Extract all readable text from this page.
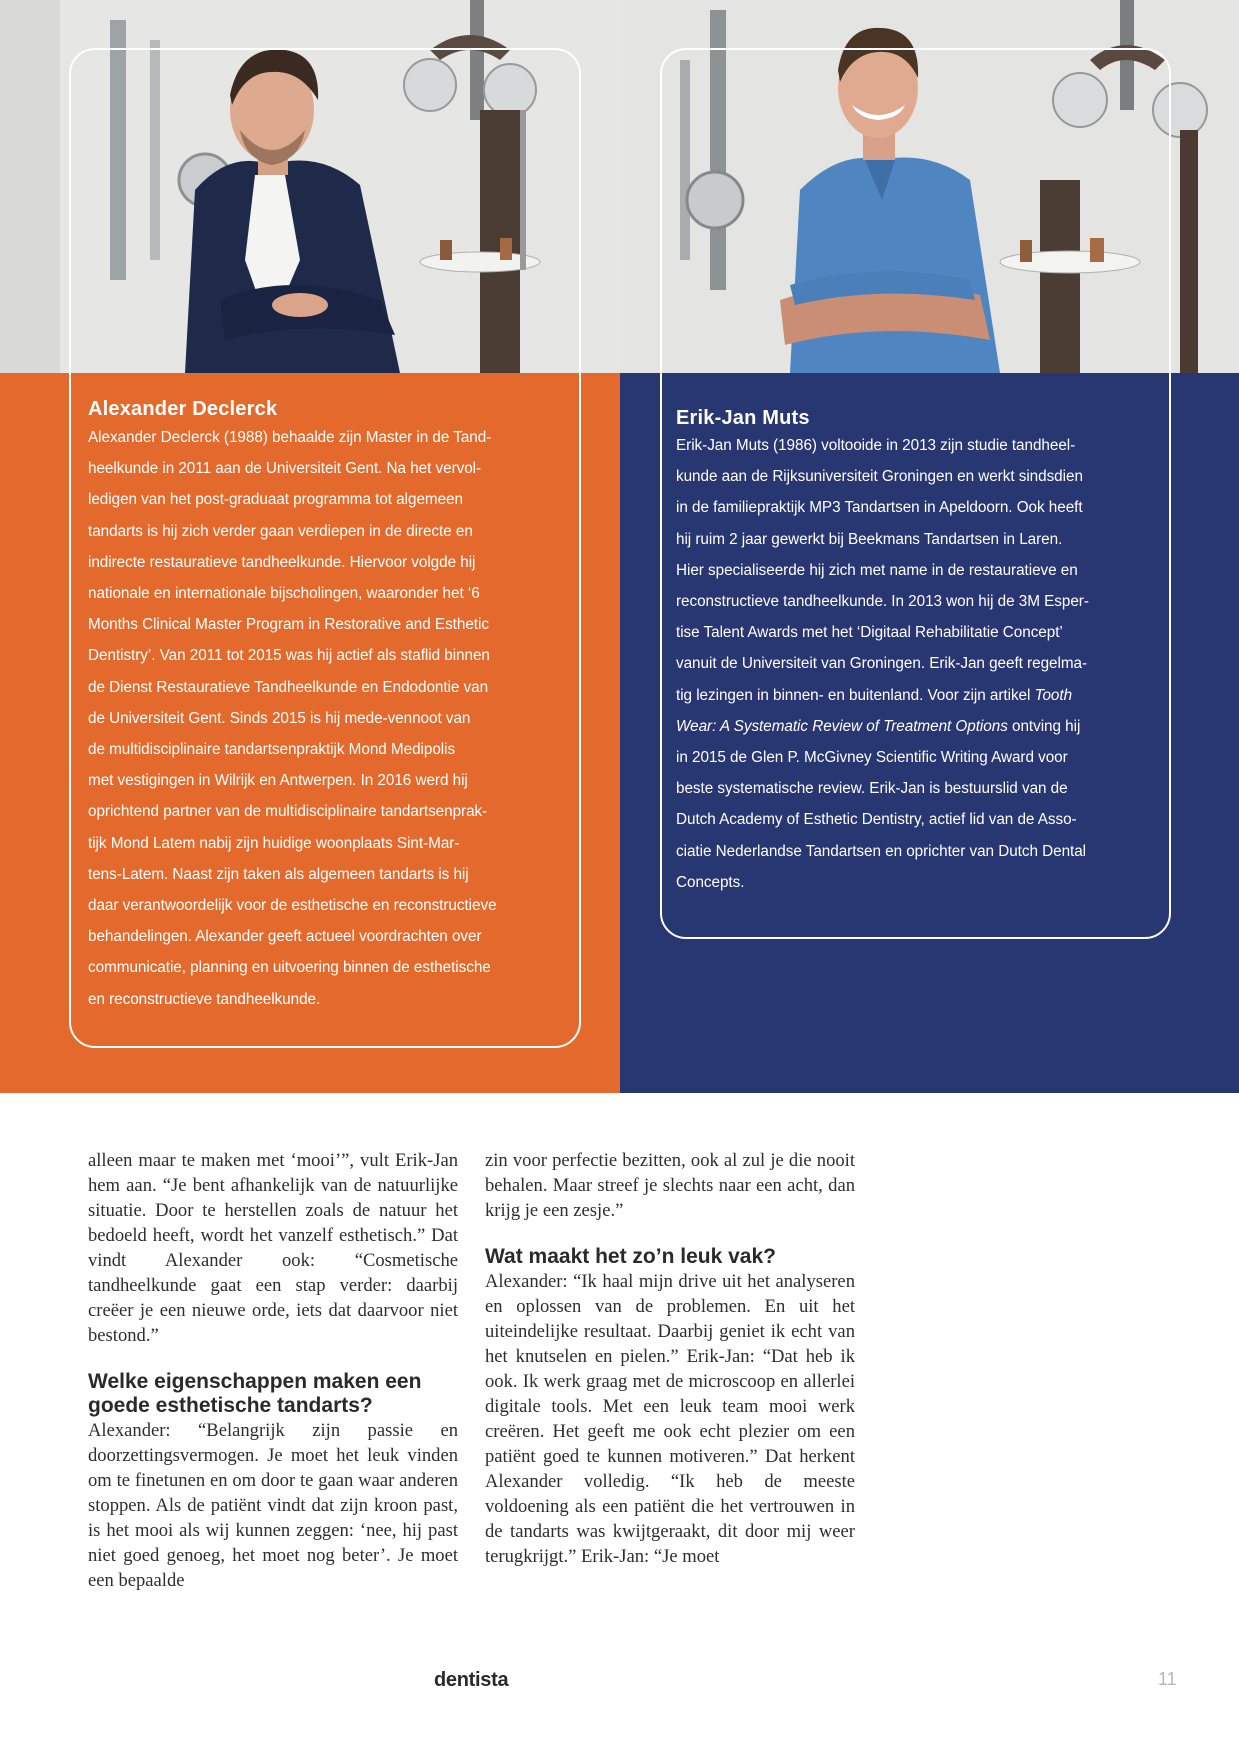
Alexander Declerck

Alexander Declerck (1988) behaalde zijn Master in de Tand-
heelkunde in 2011 aan de Universiteit Gent. Na het vervol-
ledigen van het post-graduaat programma tot algemeen
tandarts is hij zich verder gaan verdiepen in de directe en
indirecte restauratieve tandheelkunde. Hiervoor volgde hij
nationale en internationale bijscholingen, waaronder het ‘6
Months Clinical Master Program in Restorative and Esthetic
Dentistry’. Van 2011 tot 2015 was hij actief als staflid binnen
de Dienst Restauratieve Tandheelkunde en Endodontie van
de Universiteit Gent. Sinds 2015 is hij mede-vennoot van
de multidisciplinaire tandartsenpraktijk Mond Medipolis
met vestigingen in Wilrijk en Antwerpen. In 2016 werd hij
oprichtend partner van de multidisciplinaire tandartsenprak-
tijk Mond Latem nabij zijn huidige woonplaats Sint-Mar-
tens-Latem. Naast zijn taken als algemeen tandarts is hij
daar verantwoordelijk voor de esthetische en reconstructieve
behandelingen. Alexander geeft actueel voordrachten over
communicatie, planning en uitvoering binnen de esthetische
en reconstructieve tandheelkunde.

Erik-Jan Muts

Erik-Jan Muts (1986) voltooide in 2013 zijn studie tandheel-
kunde aan de Rijksuniversiteit Groningen en werkt sindsdien
in de familiepraktijk MP3 Tandartsen in Apeldoorn. Ook heeft
hij ruim 2 jaar gewerkt bij Beekmans Tandartsen in Laren.
Hier specialiseerde hij zich met name in de restauratieve en
reconstructieve tandheelkunde. In 2013 won hij de 3M Esper-
tise Talent Awards met het ‘Digitaal Rehabilitatie Concept’
vanuit de Universiteit van Groningen. Erik-Jan geeft regelma-
tig lezingen in binnen- en buitenland. Voor zijn artikel Tooth
Wear: A Systematic Review of Treatment Options ontving hij
in 2015 de Glen P. McGivney Scientific Writing Award voor
beste systematische review. Erik-Jan is bestuurslid van de
Dutch Academy of Esthetic Dentistry, actief lid van de Asso-
ciatie Nederlandse Tandartsen en oprichter van Dutch Dental
Concepts.

alleen maar te maken met ‘mooi’”, vult Erik-Jan hem aan. “Je bent afhankelijk van de natuurlijke situatie. Door te herstellen zoals de natuur het bedoeld heeft, wordt het vanzelf esthetisch.” Dat vindt Alexander ook: “Cosmetische tandheelkunde gaat een stap verder: daarbij creëer je een nieuwe orde, iets dat daarvoor niet bestond.”

Welke eigenschappen maken een goede esthetische tandarts?

Alexander: “Belangrijk zijn passie en doorzettingsvermogen. Je moet het leuk vinden om te finetunen en om door te gaan waar anderen stoppen. Als de patiënt vindt dat zijn kroon past, is het mooi als wij kunnen zeggen: ‘nee, hij past niet goed genoeg, het moet nog beter’. Je moet een bepaalde

zin voor perfectie bezitten, ook al zul je die nooit behalen. Maar streef je slechts naar een acht, dan krijg je een zesje.”

Wat maakt het zo’n leuk vak?

Alexander: “Ik haal mijn drive uit het analyseren en oplossen van de problemen. En uit het uiteindelijke resultaat. Daarbij geniet ik echt van het knutselen en pielen.” Erik-Jan: “Dat heb ik ook. Ik werk graag met de microscoop en allerlei digitale tools. Met een leuk team mooi werk creëren. Het geeft me ook echt plezier om een patiënt goed te kunnen motiveren.” Dat herkent Alexander volledig. “Ik heb de meeste voldoening als een patiënt die het vertrouwen in de tandarts was kwijtgeraakt, dit door mij weer terugkrijgt.” Erik-Jan: “Je moet

dentista	11
